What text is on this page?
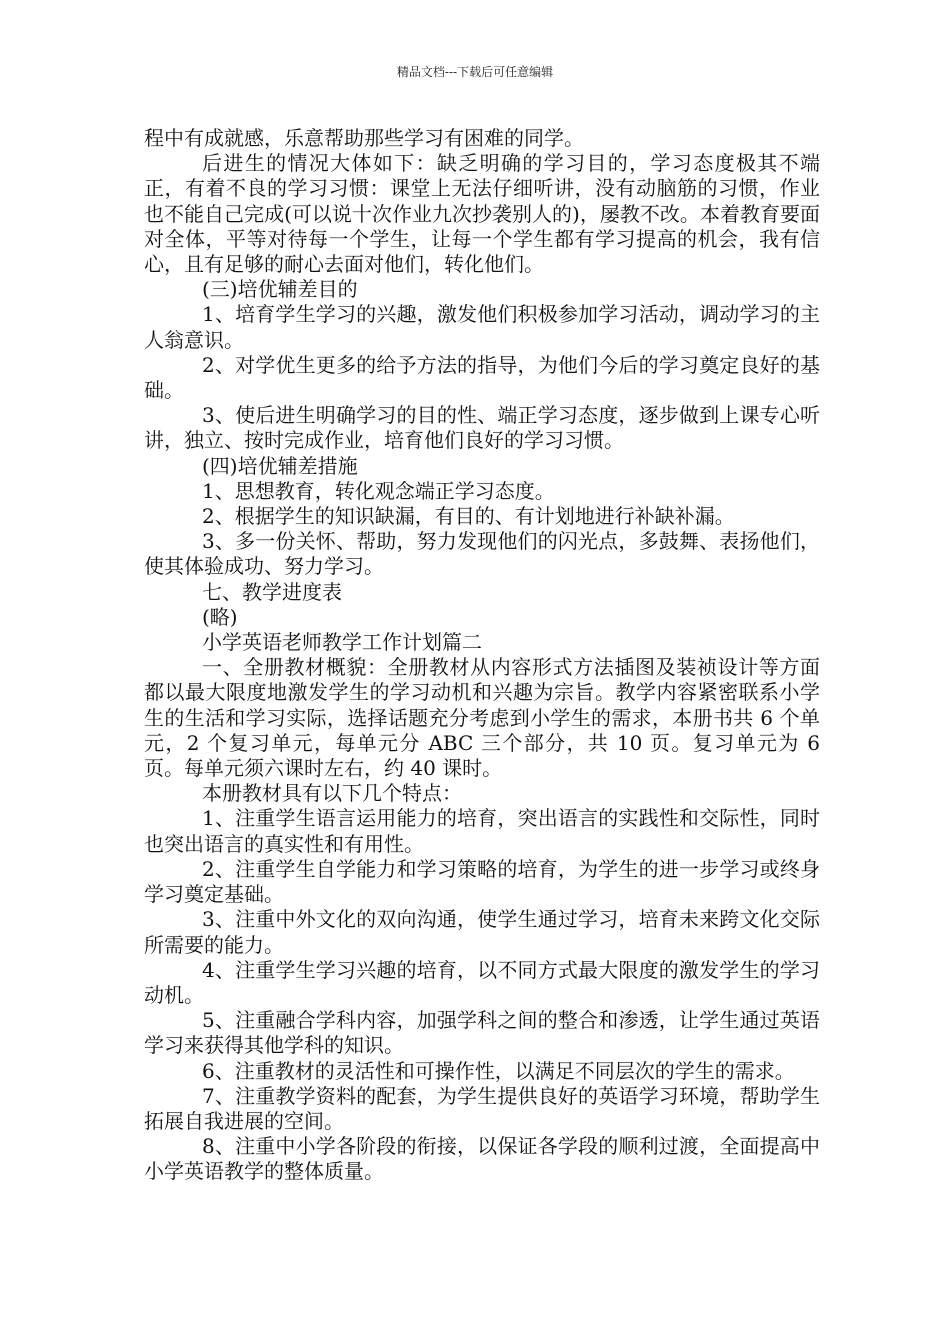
精品文档---下载后可任意编辑

程中有成就感，乐意帮助那些学习有困难的同学。

后进生的情况大体如下：缺乏明确的学习目的，学习态度极其不端正，有着不良的学习习惯：课堂上无法仔细听讲，没有动脑筋的习惯，作业也不能自己完成(可以说十次作业九次抄袭别人的)，屡教不改。本着教育要面对全体，平等对待每一个学生，让每一个学生都有学习提高的机会，我有信心，且有足够的耐心去面对他们，转化他们。

(三)培优辅差目的

1、培育学生学习的兴趣，激发他们积极参加学习活动，调动学习的主人翁意识。

2、对学优生更多的给予方法的指导，为他们今后的学习奠定良好的基础。

3、使后进生明确学习的目的性、端正学习态度，逐步做到上课专心听讲，独立、按时完成作业，培育他们良好的学习习惯。

(四)培优辅差措施

1、思想教育，转化观念端正学习态度。

2、根据学生的知识缺漏，有目的、有计划地进行补缺补漏。

3、多一份关怀、帮助，努力发现他们的闪光点，多鼓舞、表扬他们，使其体验成功、努力学习。

七、教学进度表

(略)

小学英语老师教学工作计划篇二

一、全册教材概貌：全册教材从内容形式方法插图及装祯设计等方面都以最大限度地激发学生的学习动机和兴趣为宗旨。教学内容紧密联系小学生的生活和学习实际，选择话题充分考虑到小学生的需求，本册书共 6 个单元，2 个复习单元，每单元分 ABC 三个部分，共 10 页。复习单元为 6 页。每单元须六课时左右，约 40 课时。

本册教材具有以下几个特点：

1、注重学生语言运用能力的培育，突出语言的实践性和交际性，同时也突出语言的真实性和有用性。

2、注重学生自学能力和学习策略的培育，为学生的进一步学习或终身学习奠定基础。

3、注重中外文化的双向沟通，使学生通过学习，培育未来跨文化交际所需要的能力。

4、注重学生学习兴趣的培育，以不同方式最大限度的激发学生的学习动机。

5、注重融合学科内容，加强学科之间的整合和渗透，让学生通过英语学习来获得其他学科的知识。

6、注重教材的灵活性和可操作性，以满足不同层次的学生的需求。

7、注重教学资料的配套，为学生提供良好的英语学习环境，帮助学生拓展自我进展的空间。

8、注重中小学各阶段的衔接，以保证各学段的顺利过渡，全面提高中小学英语教学的整体质量。
